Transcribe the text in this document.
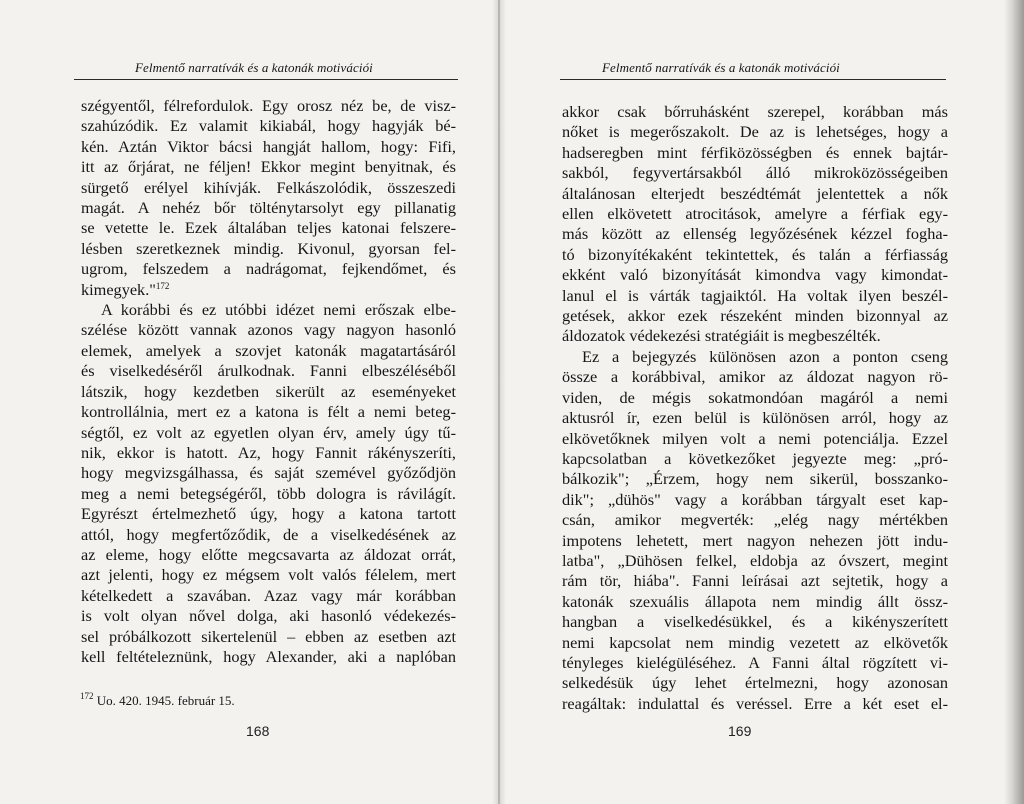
Felmentő narratívák és a katonák motivációi
szégyentől, félrefordulok. Egy orosz néz be, de visz-
szahúzódik. Ez valamit kikiabál, hogy hagyják bé-
kén. Aztán Viktor bácsi hangját hallom, hogy: Fifi,
itt az őrjárat, ne féljen! Ekkor megint benyitnak, és
sürgető erélyel kihívják. Felkászolódik, összeszedi
magát. A nehéz bőr tölténytarsolyt egy pillanatig
se vetette le. Ezek általában teljes katonai felszere-
lésben szeretkeznek mindig. Kivonul, gyorsan fel-
ugrom, felszedem a nadrágomat, fejkendőmet, és
kimegyek."$^{172}$
A korábbi és ez utóbbi idézet nemi erőszak elbe-
szélése között vannak azonos vagy nagyon hasonló
elemek, amelyek a szovjet katonák magatartásáról
és viselkedéséről árulkodnak. Fanni elbeszéléséből
látszik, hogy kezdetben sikerült az eseményeket
kontrollálnia, mert ez a katona is félt a nemi beteg-
ségtől, ez volt az egyetlen olyan érv, amely úgy tű-
nik, ekkor is hatott. Az, hogy Fannit rákényszeríti,
hogy megvizsgálhassa, és saját szemével győződjön
meg a nemi betegségéről, több dologra is rávilágít.
Egyrészt értelmezhető úgy, hogy a katona tartott
attól, hogy megfertőződik, de a viselkedésének az
az eleme, hogy előtte megcsavarta az áldozat orrát,
azt jelenti, hogy ez mégsem volt valós félelem, mert
kételkedett a szavában. Azaz vagy már korábban
is volt olyan nővel dolga, aki hasonló védekezés-
sel próbálkozott sikertelenül – ebben az esetben azt
kell feltételeznünk, hogy Alexander, aki a naplóban
$^{172}$ Uo. 420. 1945. február 15.
168
Felmentő narratívák és a katonák motivációi
akkor csak bőrruhásként szerepel, korábban más
nőket is megerőszakolt. De az is lehetséges, hogy a
hadseregben mint férfiközösségben és ennek bajtár-
sakból, fegyvertársakból álló mikroközösségeiben
általánosan elterjedt beszédtémát jelentettek a nők
ellen elkövetett atrocitások, amelyre a férfiak egy-
más között az ellenség legyőzésének kézzel fogha-
tó bizonyítékaként tekintettek, és talán a férfiasság
ekként való bizonyítását kimondva vagy kimondat-
lanul el is várták tagjaiktól. Ha voltak ilyen beszél-
getések, akkor ezek részeként minden bizonnyal az
áldozatok védekezési stratégiáit is megbeszélték.
Ez a bejegyzés különösen azon a ponton cseng
össze a korábbival, amikor az áldozat nagyon rö-
viden, de mégis sokatmondóan magáról a nemi
aktusról ír, ezen belül is különösen arról, hogy az
elkövetőknek milyen volt a nemi potenciálja. Ezzel
kapcsolatban a következőket jegyezte meg: „pró-
bálkozik"; „Érzem, hogy nem sikerül, bosszanko-
dik"; „dühös" vagy a korábban tárgyalt eset kap-
csán, amikor megverték: „elég nagy mértékben
impotens lehetett, mert nagyon nehezen jött indu-
latba", „Dühösen felkel, eldobja az óvszert, megint
rám tör, hiába". Fanni leírásai azt sejtetik, hogy a
katonák szexuális állapota nem mindig állt össz-
hangban a viselkedésükkel, és a kikényszerített
nemi kapcsolat nem mindig vezetett az elkövetők
tényleges kielégüléséhez. A Fanni által rögzített vi-
selkedésük úgy lehet értelmezni, hogy azonosan
reagáltak: indulattal és veréssel. Erre a két eset el-
169
